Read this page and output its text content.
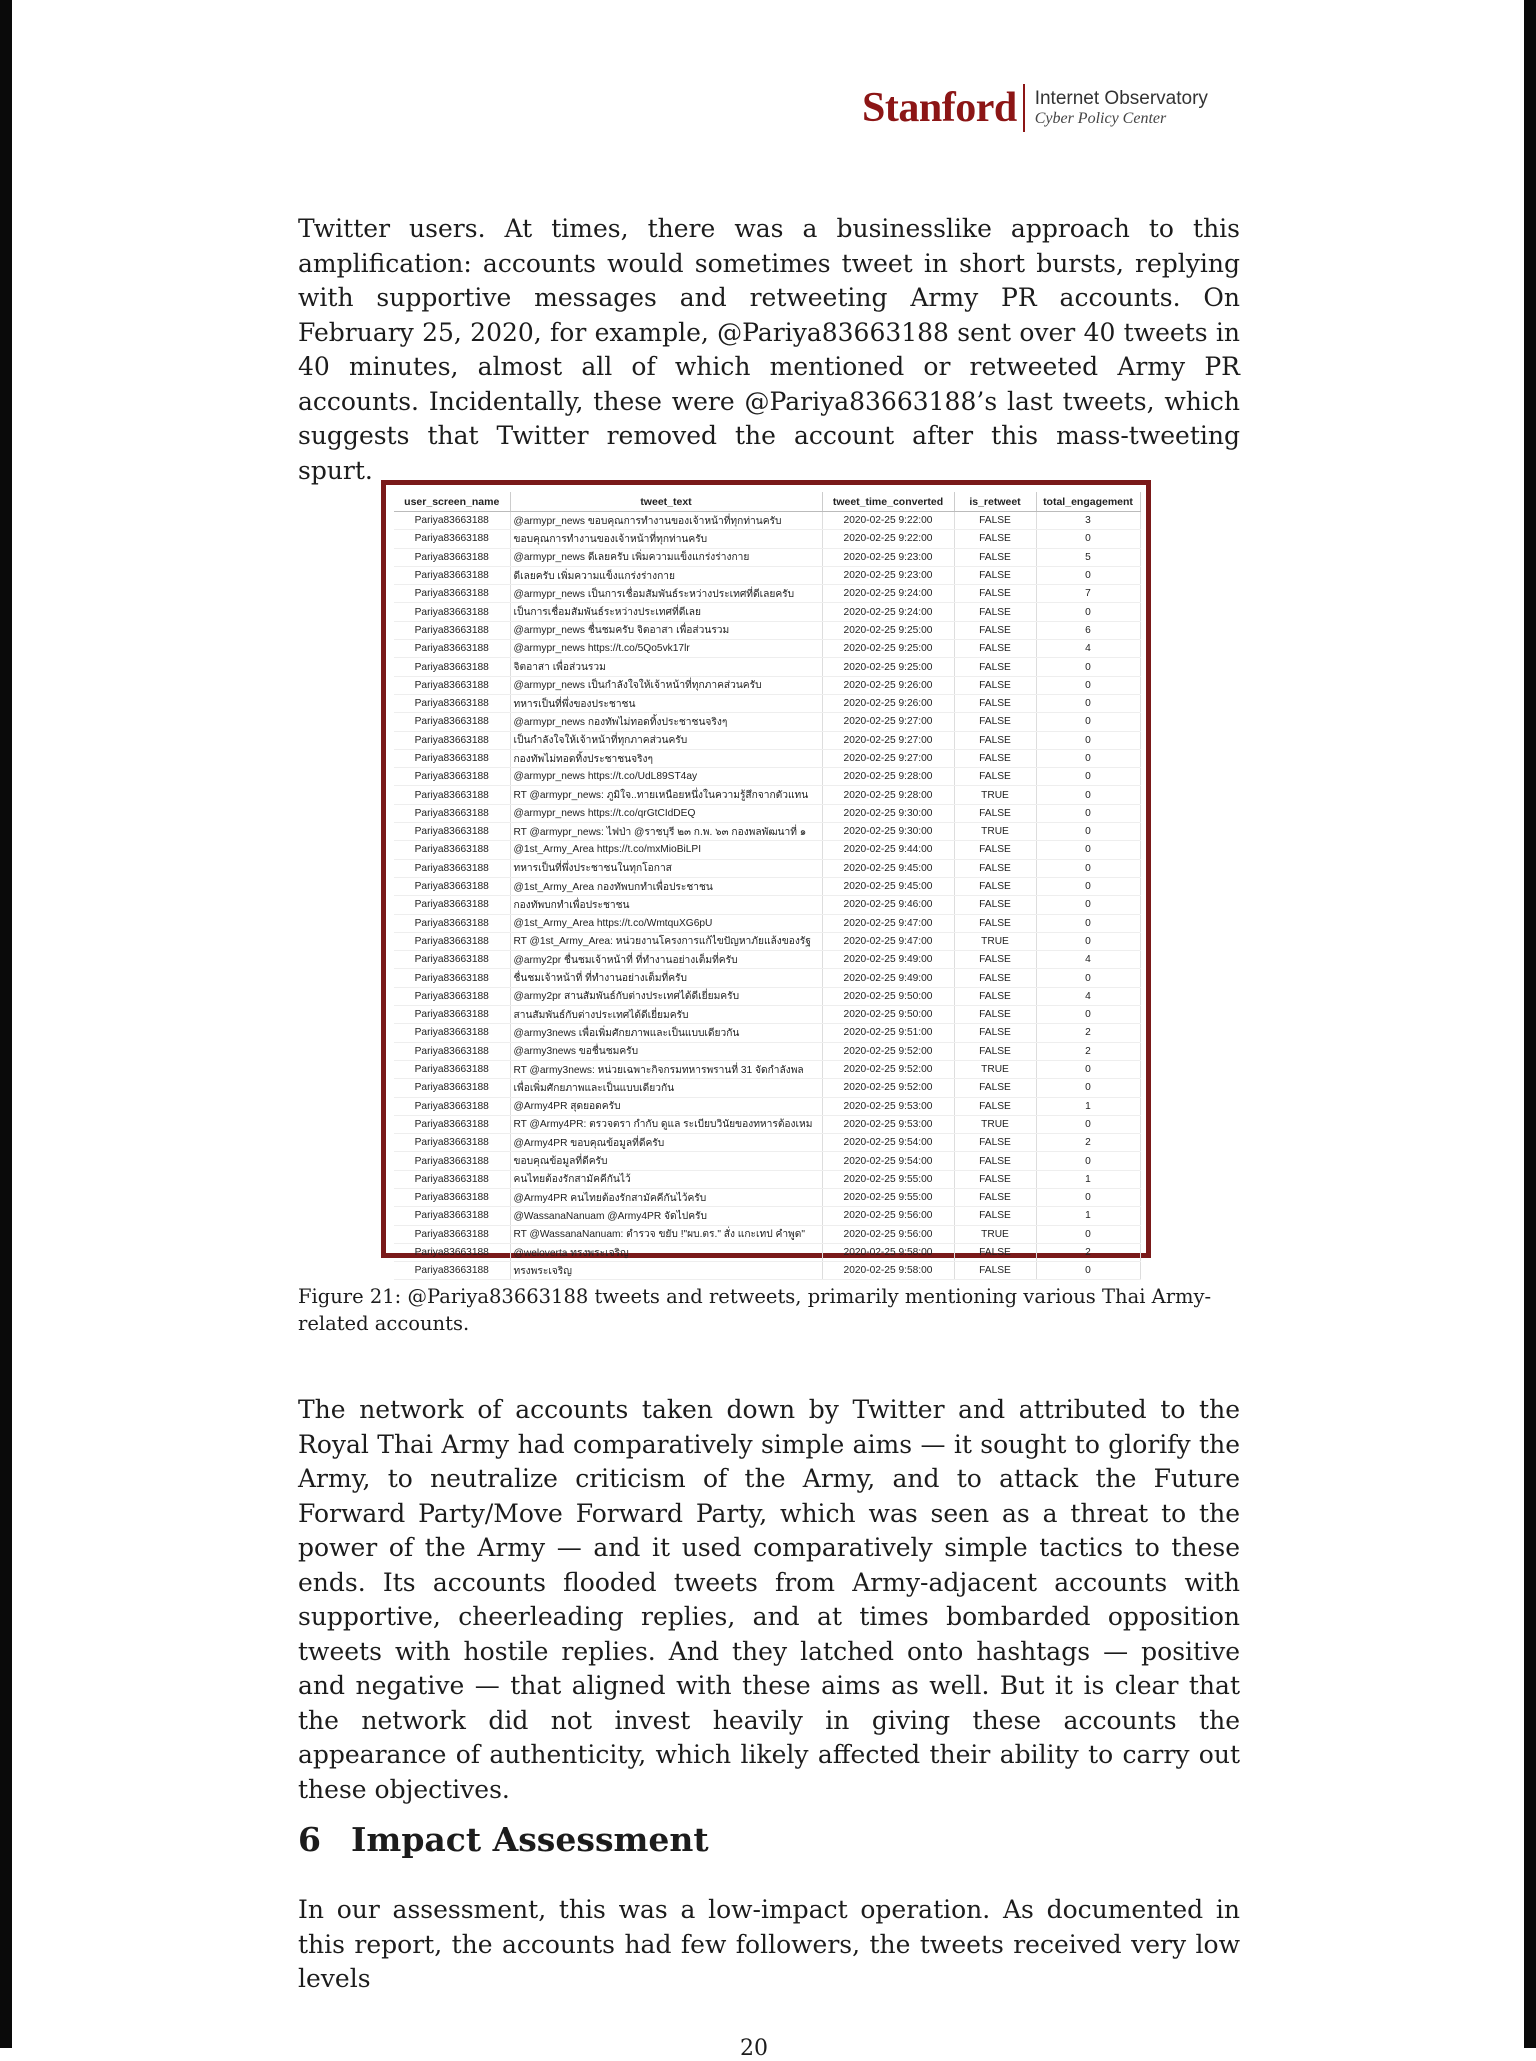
Stanford Internet Observatory
Cyber Policy Center

Twitter users. At times, there was a businesslike approach to this amplification: accounts would sometimes tweet in short bursts, replying with supportive messages and retweeting Army PR accounts. On February 25, 2020, for example, @Pariya83663188 sent over 40 tweets in 40 minutes, almost all of which mentioned or retweeted Army PR accounts. Incidentally, these were @Pariya83663188’s last tweets, which suggests that Twitter removed the account after this mass-tweeting spurt.

user_screen_name	tweet_text	tweet_time_converted	is_retweet	total_engagement
Pariya83663188	@armypr_news ขอบคุณการทำงานของเจ้าหน้าที่ทุกท่านครับ	2020-02-25 9:22:00	FALSE	3
Pariya83663188	ขอบคุณการทำงานของเจ้าหน้าที่ทุกท่านครับ	2020-02-25 9:22:00	FALSE	0
Pariya83663188	@armypr_news ดีเลยครับ เพิ่มความแข็งแกร่งร่างกาย	2020-02-25 9:23:00	FALSE	5
Pariya83663188	ดีเลยครับ เพิ่มความแข็งแกร่งร่างกาย	2020-02-25 9:23:00	FALSE	0
Pariya83663188	@armypr_news เป็นการเชื่อมสัมพันธ์ระหว่างประเทศที่ดีเลยครับ	2020-02-25 9:24:00	FALSE	7
Pariya83663188	เป็นการเชื่อมสัมพันธ์ระหว่างประเทศที่ดีเลย	2020-02-25 9:24:00	FALSE	0
Pariya83663188	@armypr_news ชื่นชมครับ จิตอาสา เพื่อส่วนรวม	2020-02-25 9:25:00	FALSE	6
Pariya83663188	@armypr_news https://t.co/5Qo5vk17lr	2020-02-25 9:25:00	FALSE	4
Pariya83663188	จิตอาสา เพื่อส่วนรวม	2020-02-25 9:25:00	FALSE	0
Pariya83663188	@armypr_news เป็นกำลังใจให้เจ้าหน้าที่ทุกภาคส่วนครับ	2020-02-25 9:26:00	FALSE	0
Pariya83663188	ทหารเป็นที่พึ่งของประชาชน	2020-02-25 9:26:00	FALSE	0
Pariya83663188	@armypr_news กองทัพไม่ทอดทิ้งประชาชนจริงๆ	2020-02-25 9:27:00	FALSE	0
Pariya83663188	เป็นกำลังใจให้เจ้าหน้าที่ทุกภาคส่วนครับ	2020-02-25 9:27:00	FALSE	0
Pariya83663188	กองทัพไม่ทอดทิ้งประชาชนจริงๆ	2020-02-25 9:27:00	FALSE	0
Pariya83663188	@armypr_news https://t.co/UdL89ST4ay	2020-02-25 9:28:00	FALSE	0
Pariya83663188	RT @armypr_news: ภูมิใจ..ทายเหนือยหนึ่งในความรู้สึกจากตัวแทน	2020-02-25 9:28:00	TRUE	0
Pariya83663188	@armypr_news https://t.co/qrGtCIdDEQ	2020-02-25 9:30:00	FALSE	0
Pariya83663188	RT @armypr_news: ไฟป่า @ราชบุรี ๒๓ ก.พ. ๖๓ กองพลพัฒนาที่ ๑	2020-02-25 9:30:00	TRUE	0
Pariya83663188	@1st_Army_Area https://t.co/mxMioBiLPI	2020-02-25 9:44:00	FALSE	0
Pariya83663188	ทหารเป็นที่พึ่งประชาชนในทุกโอกาส	2020-02-25 9:45:00	FALSE	0
Pariya83663188	@1st_Army_Area กองทัพบกทำเพื่อประชาชน	2020-02-25 9:45:00	FALSE	0
Pariya83663188	กองทัพบกทำเพื่อประชาชน	2020-02-25 9:46:00	FALSE	0
Pariya83663188	@1st_Army_Area https://t.co/WmtquXG6pU	2020-02-25 9:47:00	FALSE	0
Pariya83663188	RT @1st_Army_Area: หน่วยงานโครงการแก้ไขปัญหาภัยแล้งของรัฐ	2020-02-25 9:47:00	TRUE	0
Pariya83663188	@army2pr ชื่นชมเจ้าหน้าที่ ที่ทำงานอย่างเต็มที่ครับ	2020-02-25 9:49:00	FALSE	4
Pariya83663188	ชื่นชมเจ้าหน้าที่ ที่ทำงานอย่างเต็มที่ครับ	2020-02-25 9:49:00	FALSE	0
Pariya83663188	@army2pr สานสัมพันธ์กับต่างประเทศได้ดีเยี่ยมครับ	2020-02-25 9:50:00	FALSE	4
Pariya83663188	สานสัมพันธ์กับต่างประเทศได้ดีเยี่ยมครับ	2020-02-25 9:50:00	FALSE	0
Pariya83663188	@army3news เพื่อเพิ่มศักยภาพและเป็นแบบเดียวกัน	2020-02-25 9:51:00	FALSE	2
Pariya83663188	@army3news ขอชื่นชมครับ	2020-02-25 9:52:00	FALSE	2
Pariya83663188	RT @army3news: หน่วยเฉพาะกิจกรมทหารพรานที่ 31 จัดกำลังพล	2020-02-25 9:52:00	TRUE	0
Pariya83663188	เพื่อเพิ่มศักยภาพและเป็นแบบเดียวกัน	2020-02-25 9:52:00	FALSE	0
Pariya83663188	@Army4PR สุดยอดครับ	2020-02-25 9:53:00	FALSE	1
Pariya83663188	RT @Army4PR: ตรวจตรา กำกับ ดูแล ระเบียบวินัยของทหารต้องเหม	2020-02-25 9:53:00	TRUE	0
Pariya83663188	@Army4PR ขอบคุณข้อมูลที่ดีครับ	2020-02-25 9:54:00	FALSE	2
Pariya83663188	ขอบคุณข้อมูลที่ดีครับ	2020-02-25 9:54:00	FALSE	0
Pariya83663188	คนไทยต้องรักสามัคคีกันไว้	2020-02-25 9:55:00	FALSE	1
Pariya83663188	@Army4PR คนไทยต้องรักสามัคคีกันไว้ครับ	2020-02-25 9:55:00	FALSE	0
Pariya83663188	@WassanaNanuam @Army4PR จัดไปครับ	2020-02-25 9:56:00	FALSE	1
Pariya83663188	RT @WassanaNanuam: ตำรวจ ขยับ !"ผบ.ตร." สั่ง แกะเทป คำพูด"	2020-02-25 9:56:00	TRUE	0
Pariya83663188	@weloverta ทรงพระเจริญ	2020-02-25 9:58:00	FALSE	2
Pariya83663188	ทรงพระเจริญ	2020-02-25 9:58:00	FALSE	0

Figure 21: @Pariya83663188 tweets and retweets, primarily mentioning various Thai Army-related accounts.

The network of accounts taken down by Twitter and attributed to the Royal Thai Army had comparatively simple aims — it sought to glorify the Army, to neutralize criticism of the Army, and to attack the Future Forward Party/Move Forward Party, which was seen as a threat to the power of the Army — and it used comparatively simple tactics to these ends. Its accounts flooded tweets from Army-adjacent accounts with supportive, cheerleading replies, and at times bombarded opposition tweets with hostile replies. And they latched onto hashtags — positive and negative — that aligned with these aims as well. But it is clear that the network did not invest heavily in giving these accounts the appearance of authenticity, which likely affected their ability to carry out these objectives.

6 Impact Assessment

In our assessment, this was a low-impact operation. As documented in this report, the accounts had few followers, the tweets received very low levels

20
